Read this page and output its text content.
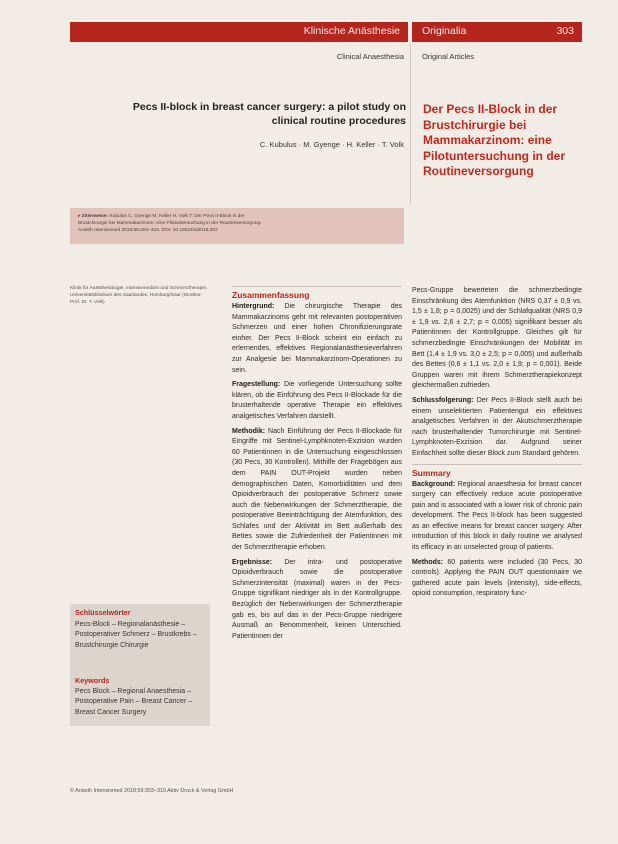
Klinische Anästhesie Originalia	303
Clinical Anaesthesia Original Articles
Pecs II-block in breast cancer surgery: a pilot study on clinical routine procedures
C. Kubulus · M. Gyenge · H. Keller · T. Volk
Der Pecs II-Block in der Brustchirurgie bei Mammakarzinom: eine Pilotuntersuchung in der Routineversorgung

▸ Zitierweise: Kubulus C, Gyenge M, Keller H, Volk T: Der Pecs II-Block in der Brustchirurgie bei Mammakarzinom: eine Pilotuntersuchung in der Routineversorgung. Anästh Intensivmed 2018;59:303–310. DOI: 10.19224/ai2018.303

Klinik für Anästhesiologie, Intensivmedizin und Schmerztherapie, Universitätsklinikum des Saarlandes, Homburg/Saar (Direktor: Prof. Dr. T. Volk)
Schlüsselwörter
Pecs-Block – Regionalanästhesie – Postoperativer Schmerz – Brustkrebs – Brustchirurgie Chirurgie
Keywords
Pecs Block – Regional Anaesthesia – Postoperative Pain – Breast Cancer – Breast Cancer Surgery
Zusammenfassung

Hintergrund: Die chirurgische Therapie des Mammakarzinoms geht mit relevanten postoperativen Schmerzen und einer hohen Chronifizierungsrate einher. Der Pecs II-Block scheint ein einfach zu erlernendes, effektives Regionalanästhesieverfahren zur Analgesie bei Mammakarzinom-Operationen zu sein.

Fragestellung: Die vorliegende Untersuchung sollte klären, ob die Einführung des Pecs II-Blockade für die brusterhaltende operative Therapie ein effektives analgetisches Verfahren darstellt.

Methodik: Nach Einführung der Pecs II-Blockade für Eingriffe mit Sentinel-Lymphknoten-Exzision wurden 60 Patientinnen in die Untersuchung eingeschlossen (30 Pecs, 30 Kontrollen). Mithilfe der Fragebögen aus dem PAIN OUT-Projekt wurden neben demographischen Daten, Komorbiditäten und dem Opioidverbrauch der postoperative Schmerz sowie auch die Nebenwirkungen der Schmerztherapie, die postoperative Beeinträchtigung der Atemfunktion, des Schlafes und der Aktivität im Bett außerhalb des Bettes sowie die Zufriedenheit der Patientinnen mit der Schmerztherapie erhoben.

Ergebnisse: Der intra- und postoperative Opioidverbrauch sowie die postoperative Schmerzintensität (maximal) waren in der Pecs-Gruppe signifikant niedriger als in der Kontrollgruppe. Bezüglich der Nebenwirkungen der Schmerztherapie gab es, bis auf das in der Pecs-Gruppe niedrigere Ausmaß an Benommenheit, keinen Unterschied. Patientinnen der

Pecs-Gruppe bewerteten die schmerzbedingte Einschränkung des Atemfunktion (NRS 0,37 ± 0,9 vs. 1,5 ± 1,8; p = 0,0025) und der Schlafqualität (NRS 0,9 ± 1,9 vs. 2,6 ± 2,7; p = 0,005) signifikant besser als Patientinnen der Kontrollgruppe. Gleiches gilt für schmerzbedingte Einschränkungen der Mobilität im Bett (1,4 ± 1,9 vs. 3,0 ± 2,5; p = 0,005) und außerhalb des Bettes (0,6 ± 1,1 vs. 2,0 ± 1,9; p = 0,001). Beide Gruppen waren mit ihrem Schmerztherapiekonzept gleichermaßen zufrieden.

Schlussfolgerung: Der Pecs II-Block stellt auch bei einem unselektierten Patientengut ein effektives analgetisches Verfahren in der Akutschmerztherapie nach brusterhaltender Tumorchirurgie mit Sentinel-Lymphknoten-Exzision dar. Aufgrund seiner Einfachheit sollte dieser Block zum Standard gehören.

Summary

Background: Regional anaesthesia for breast cancer surgery can effectively reduce acute postoperative pain and is associated with a lower risk of chronic pain development. The Pecs II-block has been suggested as an effective means for breast cancer surgery. After introduction of this block in daily routine we analysed its efficacy in an unselected group of patients.

Methods: 60 patients were included (30 Pecs, 30 controls). Applying the PAIN OUT questionnaire we gathered acute pain levels (intensity), side-effects, opioid consumption, respiratory func-

© Anästh Intensivmed 2018;59:303–310 Aktiv Druck & Verlag GmbH
